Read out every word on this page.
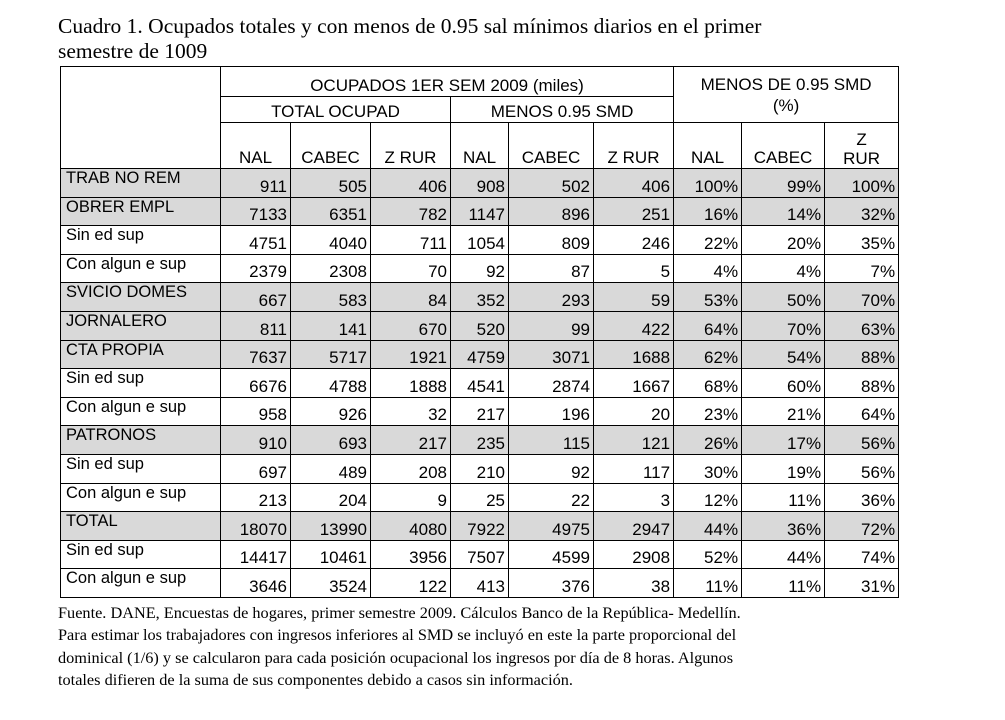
Cuadro 1. Ocupados totales y con menos de 0.95 sal mínimos diarios en el primer
semestre de 1009

	OCUPADOS 1ER SEM 2009 (miles)						MENOS DE 0.95 SMD
(%)		
	TOTAL OCUPAD			MENOS 0.95 SMD					
	NAL	CABEC	Z RUR	NAL	CABEC	Z RUR	NAL	CABEC	Z
RUR
TRAB NO REM	911	505	406	908	502	406	100%	99%	100%
OBRER EMPL	7133	6351	782	1147	896	251	16%	14%	32%
Sin ed sup	4751	4040	711	1054	809	246	22%	20%	35%
Con algun e sup	2379	2308	70	92	87	5	4%	4%	7%
SVICIO DOMES	667	583	84	352	293	59	53%	50%	70%
JORNALERO	811	141	670	520	99	422	64%	70%	63%
CTA PROPIA	7637	5717	1921	4759	3071	1688	62%	54%	88%
Sin ed sup	6676	4788	1888	4541	2874	1667	68%	60%	88%
Con algun e sup	958	926	32	217	196	20	23%	21%	64%
PATRONOS	910	693	217	235	115	121	26%	17%	56%
Sin ed sup	697	489	208	210	92	117	30%	19%	56%
Con algun e sup	213	204	9	25	22	3	12%	11%	36%
TOTAL	18070	13990	4080	7922	4975	2947	44%	36%	72%
Sin ed sup	14417	10461	3956	7507	4599	2908	52%	44%	74%
Con algun e sup	3646	3524	122	413	376	38	11%	11%	31%

Fuente. DANE, Encuestas de hogares, primer semestre 2009. Cálculos Banco de la República- Medellín.
Para estimar los trabajadores con ingresos inferiores al SMD se incluyó en este la parte proporcional del
dominical (1/6) y se calcularon para cada posición ocupacional los ingresos por día de 8 horas. Algunos
totales difieren de la suma de sus componentes debido a casos sin información.
